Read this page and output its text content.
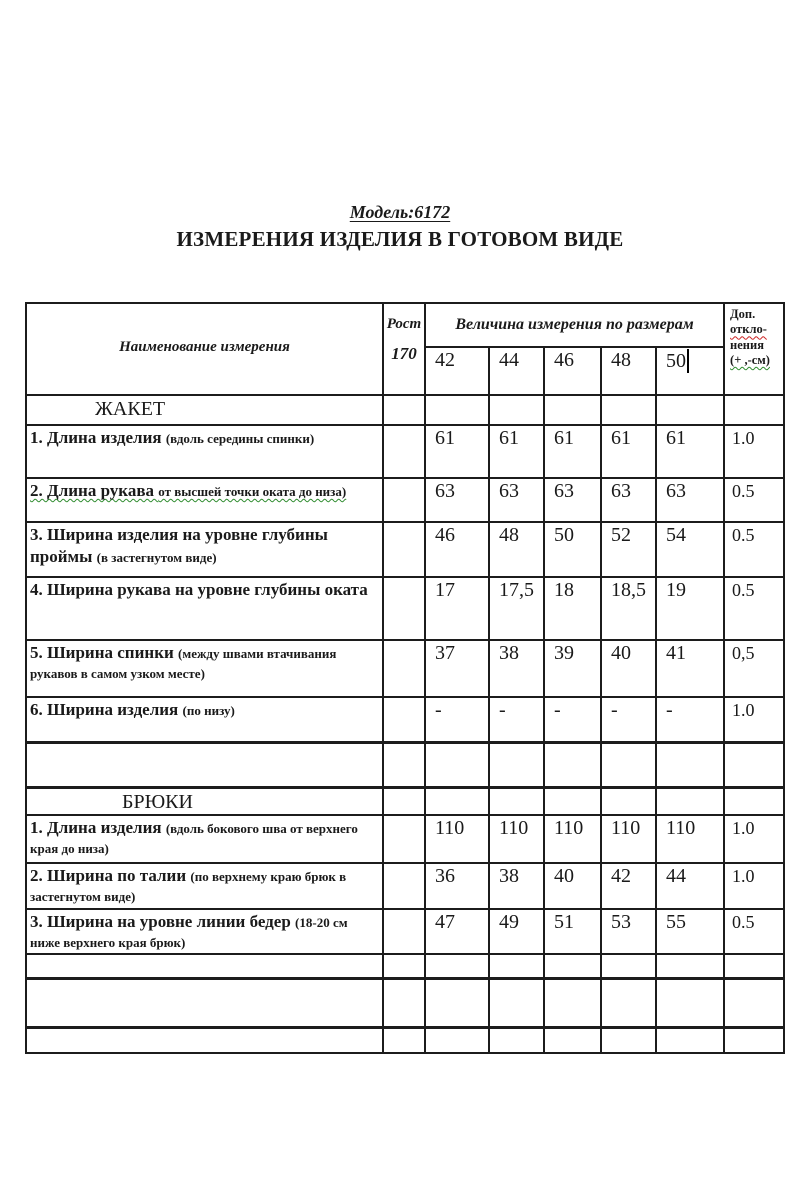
Модель:6172
ИЗМЕРЕНИЯ ИЗДЕЛИЯ В ГОТОВОМ ВИДЕ
Наименование измерения

Рост
170

Величина измерения по размерам

Доп.
откло-
нения
(+ ,-см)

		42	44	46	48	50	
ЖАКЕТ							
1. Длина изделия (вдоль середины спинки)		61	61	61	61	61	1.0
2. Длина рукава от высшей точки оката до низа)		63	63	63	63	63	0.5
3. Ширина изделия на уровне глубины проймы (в застегнутом виде)		46	48	50	52	54	0.5
4. Ширина рукава на уровне глубины оката		17	17,5	18	18,5	19	0.5
5. Ширина спинки (между швами втачивания рукавов в самом узком месте)		37	38	39	40	41	0,5
6. Ширина изделия (по низу)		-	-	-	-	-	1.0

БРЮКИ							
1. Длина изделия (вдоль бокового шва от верхнего края до низа)		110	110	110	110	110	1.0
2. Ширина по талии (по верхнему краю брюк в застегнутом виде)		36	38	40	42	44	1.0
3. Ширина на уровне линии бедер (18-20 см ниже верхнего края брюк)		47	49	51	53	55	0.5
